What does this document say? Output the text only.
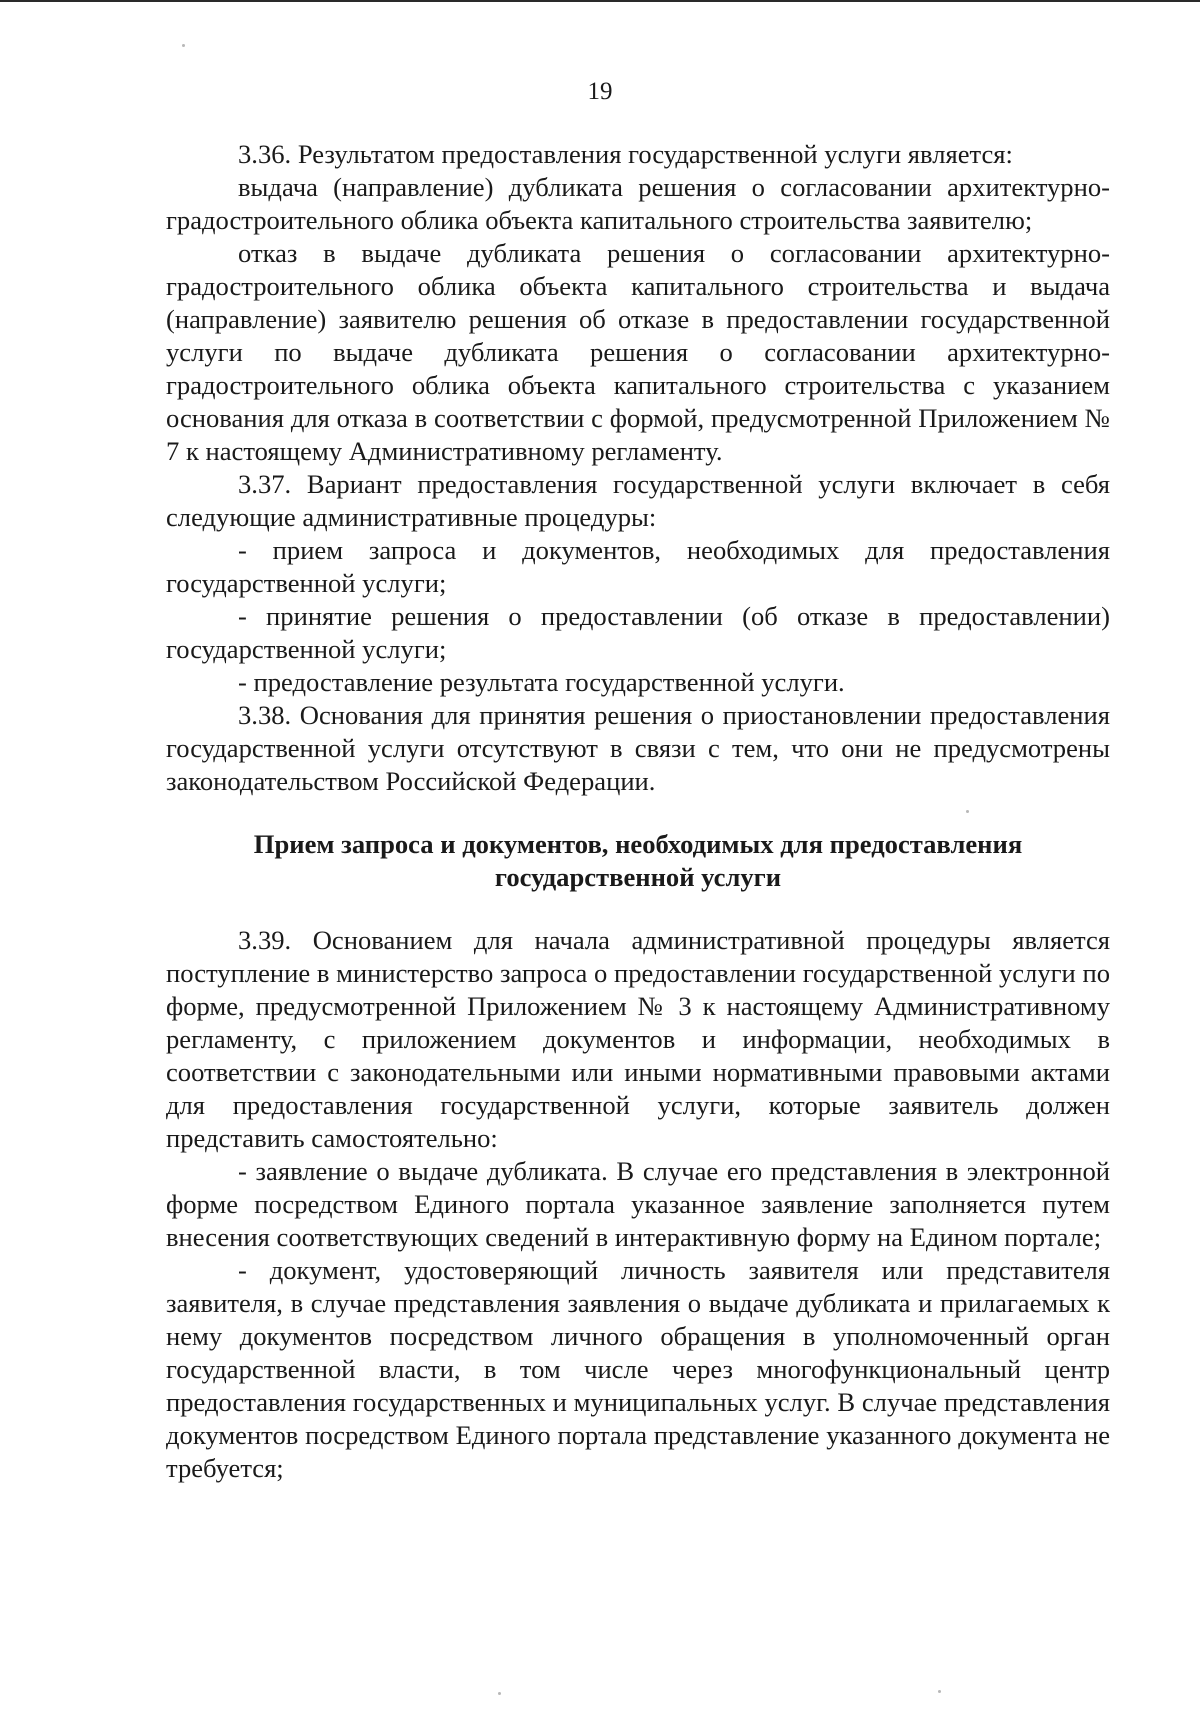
19

3.36. Результатом предоставления государственной услуги является:

выдача (направление) дубликата решения о согласовании архитектурно-градостроительного облика объекта капитального строительства заявителю;

отказ в выдаче дубликата решения о согласовании архитектурно-градостроительного облика объекта капитального строительства и выдача (направление) заявителю решения об отказе в предоставлении государственной услуги по выдаче дубликата решения о согласовании архитектурно-градостроительного облика объекта капитального строительства с указанием основания для отказа в соответствии с формой, предусмотренной Приложением № 7 к настоящему Административному регламенту.

3.37. Вариант предоставления государственной услуги включает в себя следующие административные процедуры:

- прием запроса и документов, необходимых для предоставления государственной услуги;

- принятие решения о предоставлении (об отказе в предоставлении) государственной услуги;

- предоставление результата государственной услуги.

3.38. Основания для принятия решения о приостановлении предоставления государственной услуги отсутствуют в связи с тем, что они не предусмотрены законодательством Российской Федерации.

Прием запроса и документов, необходимых для предоставления
государственной услуги

3.39. Основанием для начала административной процедуры является поступление в министерство запроса о предоставлении государственной услуги по форме, предусмотренной Приложением № 3 к настоящему Административному регламенту, с приложением документов и информации, необходимых в соответствии с законодательными или иными нормативными правовыми актами для предоставления государственной услуги, которые заявитель должен представить самостоятельно:

- заявление о выдаче дубликата. В случае его представления в электронной форме посредством Единого портала указанное заявление заполняется путем внесения соответствующих сведений в интерактивную форму на Едином портале;

- документ, удостоверяющий личность заявителя или представителя заявителя, в случае представления заявления о выдаче дубликата и прилагаемых к нему документов посредством личного обращения в уполномоченный орган государственной власти, в том числе через многофункциональный центр предоставления государственных и муниципальных услуг. В случае представления документов посредством Единого портала представление указанного документа не требуется;
